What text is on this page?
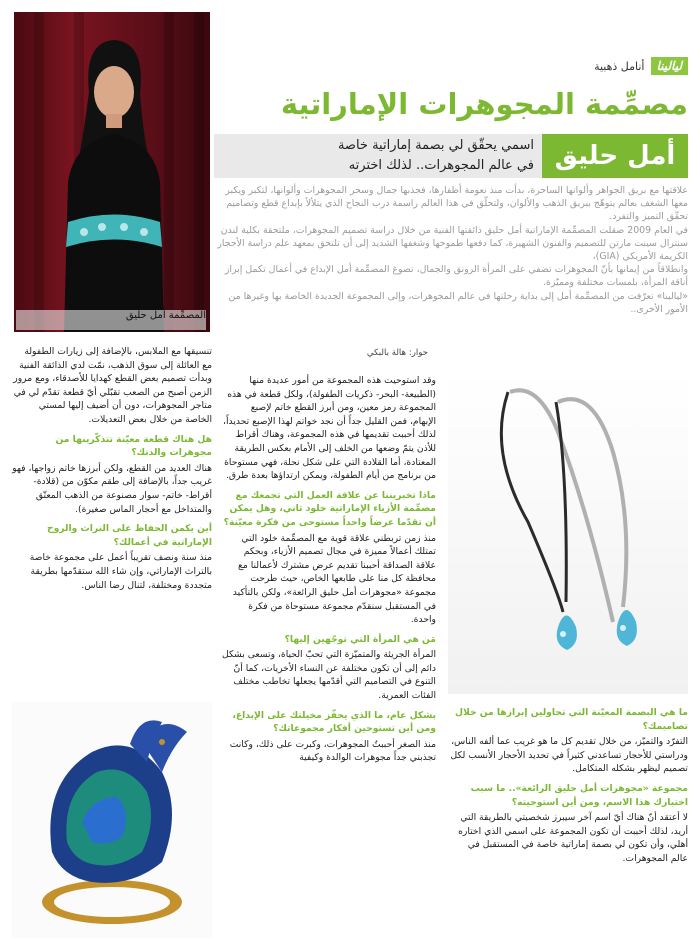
المصمِّمة أمل حليق
أنامل ذهبية	ليالينا
مصمِّمة المجوهرات الإماراتية
أمل حليق
اسمي يحقّق لي بصمة إماراتية خاصة
في عالم المجوهرات.. لذلك اخترته

علاقتها مع بريق الجواهر وألوانها الساحرة، بدأت منذ نعومة أظفارها، فجذبها جمال وسحر المجوهرات وألوانها، لتكبر ويكبر معها الشغف بعالم يتوهّج ببريق الذهب والألوان، ولتحلّق في هذا العالم راسمة درب النجاح الذي يتلألأ بإبداع قطع وتصاميم تحقّق التميز والتفرد.

في العام 2009 صقلت المصمِّمة الإماراتية أمل حليق ذائقتها الفنية من خلال دراسة تصميم المجوهرات، ملتحقة بكلية لندن سنترال سينت مارتن للتصميم والفنون الشهيرة، كما دفعها طموحها وشغفها الشديد إلى أن تلتحق بمعهد علم دراسة الأحجار الكريمة الأمريكي (GIA)،

وانطلاقاً من إيمانها بأنّ المجوهرات تضفي على المرأة الرونق والجمال، تصوغ المصمِّمة أمل الإبداع في أعمال تكمل إبراز أناقة المرأة، بلمسات مختلفة ومميّزة.

«ليالينا» تعرّفت من المصمِّمة أمل إلى بداية رحلتها في عالم المجوهرات، وإلى المجموعة الجديدة الخاصة بها وغيرها من الأمور الأخرى..

تنسيقها مع الملابس، بالإضافة إلى زيارات الطفولة مع العائلة إلى سوق الذهب، نمّت لدي الذائقة الفنية وبدأت تصميم بعض القطع كهدايا للأصدقاء، ومع مرور الزمن أصبح من الصعب تقبّلي أيّ قطعة تقدّم لي في متاجر المجوهرات، دون أن أضيف إليها لمستي الخاصة من خلال بعض التعديلات.

هل هناك قطعة معيّنة تتذكّرينها من مجوهرات والدتك؟

هناك العديد من القطع، ولكن أبرزها خاتم زواجها، فهو غريب جداً، بالإضافة إلى طقم مكوّن من (قلادة- أقراط- خاتم- سوار مصنوعة من الذهب المعتّق والمتداخل مع أحجار الماس صغيرة).

أين يكمن الحفاظ على التراث والروح الإماراتية في أعمالك؟

منذ سنة ونصف تقريباً أعمل على مجموعة خاصة بالتراث الإماراتي، وإن شاء الله ستقدّمها بطريقة متجددة ومختلفة، لتنال رضا الناس.

حوار: هالة بالبكي

وقد استوحيت هذه المجموعة من أمور عديدة منها (الطبيعة- البحر- ذكريات الطفولة)، ولكل قطعة في هذه المجموعة رمز معين، ومن أبرز القطع خاتم لإصبع الإبهام، فمن القليل جداً أن نجد خواتم لهذا الإصبع تحديداً، لذلك أحببت تقديمها في هذه المجموعة، وهناك أقراط للأذن يتمّ وضعها من الخلف إلى الأمام بعكس الطريقة المعتادة، أما القلادة التي على شكل نحلة، فهي مستوحاة من برنامج من أيام الطفولة، ويمكن ارتداؤها بعدة طرق.

ماذا تخبريننا عن علاقة العمل التي تجمعك مع مصمِّمة الأزياء الإماراتية خلود ثاني، وهل يمكن أن تقدّما عرضاً واحداً مستوحى من فكرة معيّنة؟

منذ زمن تربطني علاقة قوية مع المصمِّمة خلود التي تمتلك أعمالاً مميزة في مجال تصميم الأزياء، وبحكم علاقة الصداقة أحببنا تقديم عرض مشترك لأعمالنا مع محافظة كل منا على طابعها الخاص، حيث طرحت مجموعة «مجوهرات أمل حليق الرائعة»، ولكن بالتأكيد في المستقبل سنقدّم مجموعة مستوحاة من فكرة واحدة.

مَن هي المرأة التي توجّهين إليها؟

المرأة الجريئة والمتميّزة التي تحبّ الحياة، وتسعى بشكل دائم إلى أن تكون مختلفة عن النساء الأخريات، كما أنّ التنوع في التصاميم التي أقدّمها يجعلها تخاطب مختلف الفئات العمرية.

بشكل عام، ما الذي يحفّز مخيلتك على الإبداع، ومن أين تستوحين أفكار مجموعاتك؟

منذ الصغر أحببتُ المجوهرات، وكبرت على ذلك، وكانت تجذبني جداً مجوهرات الوالدة وكيفية

ما هي البصمة المعيّنة التي تحاولين إبرازها من خلال تصاميمك؟

التفرّد والتميّز، من خلال تقديم كل ما هو غريب عما ألفه الناس، ودراستي للأحجار تساعدني كثيراً في تحديد الأحجار الأنسب لكل تصميم ليظهر بشكله المتكامل.

مجموعة «مجوهرات أمل حليق الرائعة».. ما سبب اختيارك هذا الاسم، ومن أين استوحيته؟

لا أعتقد أنّ هناك أيّ اسم آخر سيبرز شخصيتي بالطريقة التي أريد، لذلك أحببت أن تكون المجموعة على اسمي الذي اختاره أهلي، وأن تكون لي بصمة إماراتية خاصة في المستقبل في عالم المجوهرات.
